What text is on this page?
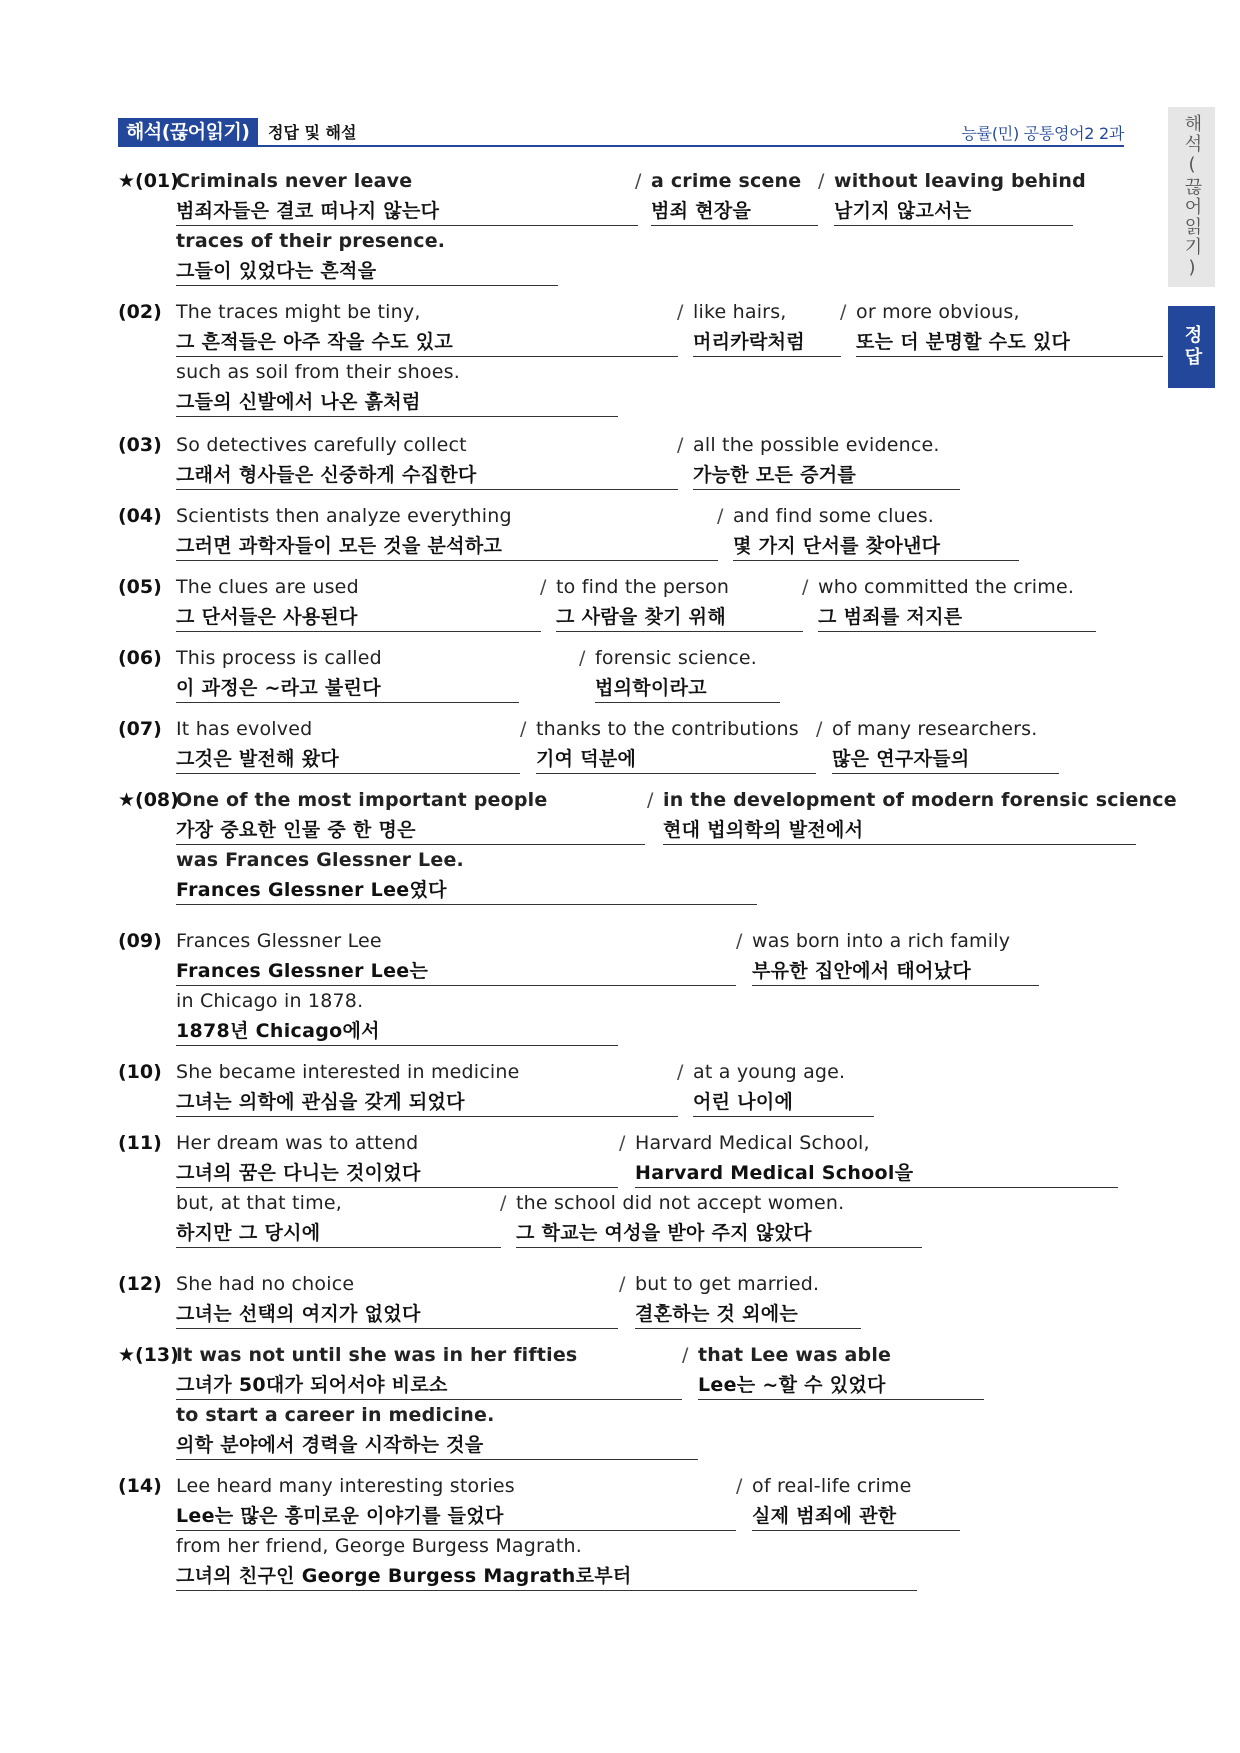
해석(끊어읽기)	정답 및 해설	능률(민) 공통영어2 2과	해석(끊어읽기)
정답
★(01)
Criminals never leave
범죄자들은 결코 떠나지 않는다
/ a crime scene
범죄 현장을
/ without leaving behind
남기지 않고서는
traces of their presence.
그들이 있었다는 흔적을
(02) The traces might be tiny,
그 흔적들은 아주 작을 수도 있고
/ like hairs,
머리카락처럼
/ or more obvious,
또는 더 분명할 수도 있다
such as soil from their shoes.
그들의 신발에서 나온 흙처럼
(03) So detectives carefully collect
그래서 형사들은 신중하게 수집한다
/ all the possible evidence.
가능한 모든 증거를
(04) Scientists then analyze everything
그러면 과학자들이 모든 것을 분석하고
/ and find some clues.
몇 가지 단서를 찾아낸다
(05) The clues are used
그 단서들은 사용된다
/ to find the person
그 사람을 찾기 위해
/ who committed the crime.
그 범죄를 저지른
(06) This process is called
이 과정은 ~라고 불린다
/ forensic science.
법의학이라고
(07) It has evolved
그것은 발전해 왔다
/ thanks to the contributions
기여 덕분에
/ of many researchers.
많은 연구자들의
★(08)
One of the most important people
가장 중요한 인물 중 한 명은
/ in the development of modern forensic science
현대 법의학의 발전에서
was Frances Glessner Lee.
Frances Glessner Lee였다
(09) Frances Glessner Lee
Frances Glessner Lee는
/ was born into a rich family
부유한 집안에서 태어났다
in Chicago in 1878.
1878년 Chicago에서
(10) She became interested in medicine
그녀는 의학에 관심을 갖게 되었다
/ at a young age.
어린 나이에
(11) Her dream was to attend
그녀의 꿈은 다니는 것이었다
/ Harvard Medical School,
Harvard Medical School을
but, at that time,
하지만 그 당시에
/ the school did not accept women.
그 학교는 여성을 받아 주지 않았다
(12) She had no choice
그녀는 선택의 여지가 없었다
/ but to get married.
결혼하는 것 외에는
★(13)
It was not until she was in her fifties
그녀가 50대가 되어서야 비로소
/ that Lee was able
Lee는 ~할 수 있었다
to start a career in medicine.
의학 분야에서 경력을 시작하는 것을
(14) Lee heard many interesting stories
Lee는 많은 흥미로운 이야기를 들었다
/ of real-life crime
실제 범죄에 관한
from her friend, George Burgess Magrath.
그녀의 친구인 George Burgess Magrath로부터
